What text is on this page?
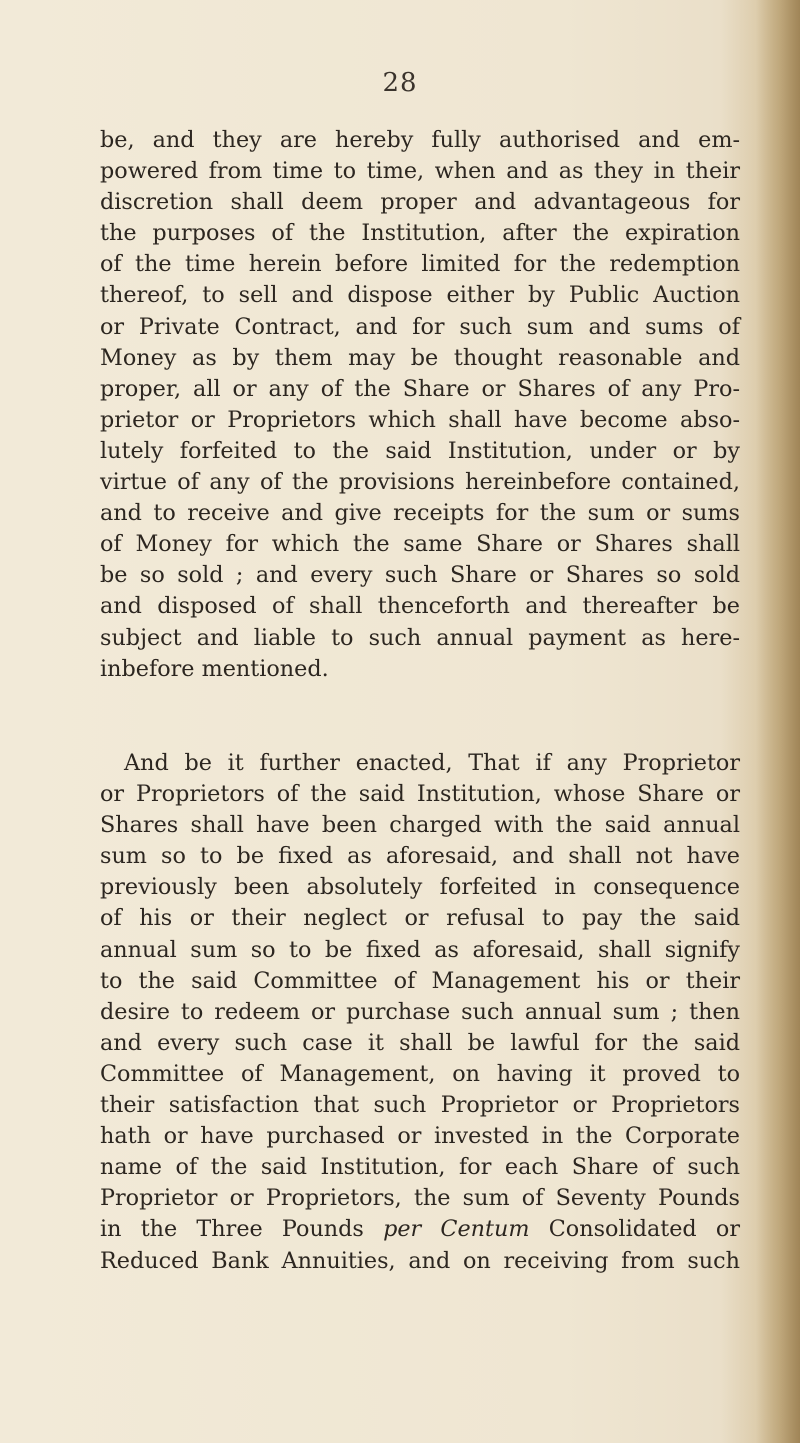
28
be, and they are hereby fully authorised and em-
powered from time to time, when and as they in their
discretion shall deem proper and advantageous for
the purposes of the Institution, after the expiration
of the time herein before limited for the redemption
thereof, to sell and dispose either by Public Auction
or Private Contract, and for such sum and sums of
Money as by them may be thought reasonable and
proper, all or any of the Share or Shares of any Pro-
prietor or Proprietors which shall have become abso-
lutely forfeited to the said Institution, under or by
virtue of any of the provisions hereinbefore contained,
and to receive and give receipts for the sum or sums
of Money for which the same Share or Shares shall
be so sold ; and every such Share or Shares so sold
and disposed of shall thenceforth and thereafter be
subject and liable to such annual payment as here-
inbefore mentioned.
And be it further enacted, That if any Proprietor
or Proprietors of the said Institution, whose Share or
Shares shall have been charged with the said annual
sum so to be fixed as aforesaid, and shall not have
previously been absolutely forfeited in consequence
of his or their neglect or refusal to pay the said
annual sum so to be fixed as aforesaid, shall signify
to the said Committee of Management his or their
desire to redeem or purchase such annual sum ; then
and every such case it shall be lawful for the said
Committee of Management, on having it proved to
their satisfaction that such Proprietor or Proprietors
hath or have purchased or invested in the Corporate
name of the said Institution, for each Share of such
Proprietor or Proprietors, the sum of Seventy Pounds
in the Three Pounds per Centum Consolidated or
Reduced Bank Annuities, and on receiving from such
